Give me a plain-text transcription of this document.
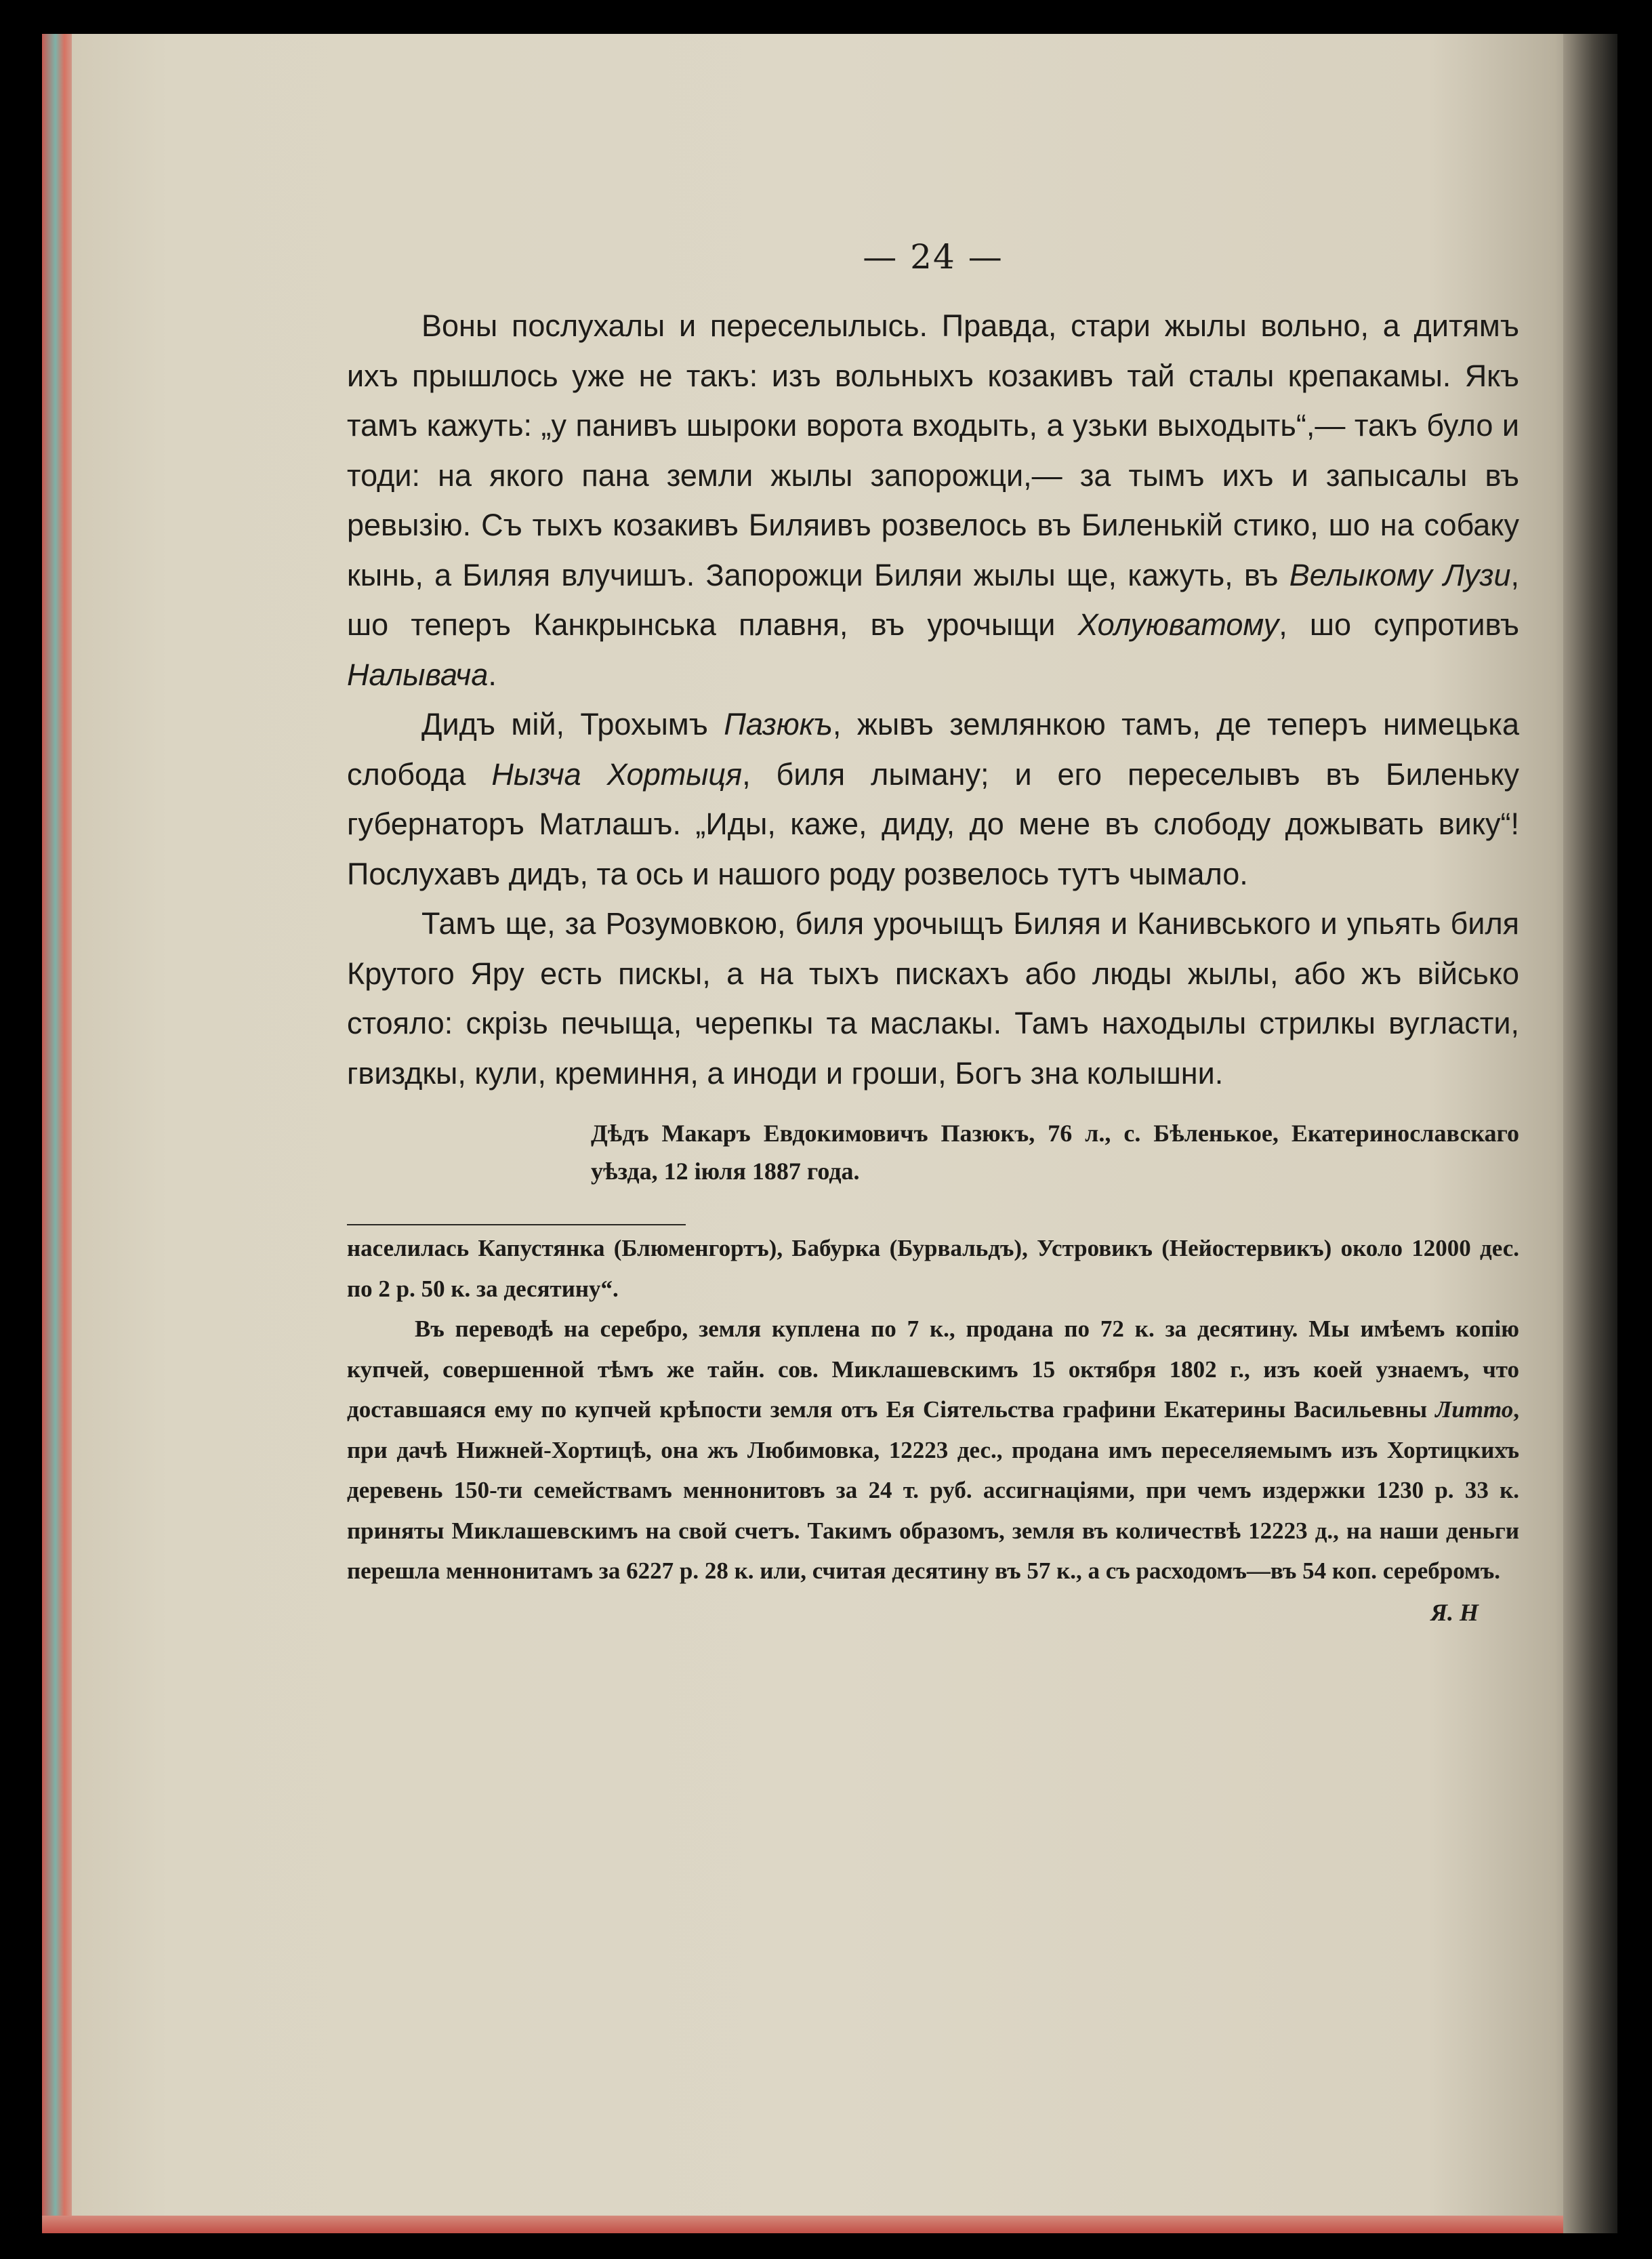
— 24 —

Воны послухалы и переселылысь. Правда, стари жылы вольно, а дитямъ ихъ прышлось уже не такъ: изъ вольныхъ козакивъ тай сталы крепакамы. Якъ тамъ кажуть: „у панивъ шыроки ворота входыть, а узьки выходыть“,— такъ було и тоди: на якого пана земли жылы запорожци,— за тымъ ихъ и запысалы въ ревызiю. Съ тыхъ козакивъ Биляивъ розвелось въ Биленькiй стико, шо на собаку кынь, а Биляя влучишъ. Запорожци Биляи жылы ще, кажуть, въ Велыкому Лузи, шо теперъ Канкрынська плавня, въ урочыщи Холуюватому, шо супротивъ Налывача.

Дидъ мiй, Трохымъ Пазюкъ, жывъ землянкою тамъ, де теперъ нимецька слобода Нызча Хортыця, биля лыману; и его переселывъ въ Биленьку губернаторъ Матлашъ. „Иды, каже, диду, до мене въ слободу дожывать вику“! Послухавъ дидъ, та ось и нашого роду розвелось тутъ чымало.

Тамъ ще, за Розумовкою, биля урочыщъ Биляя и Канивського и упьять биля Крутого Яру есть пискы, а на тыхъ пискахъ або люды жылы, або жъ вiйсько стояло: скрiзь печыща, черепкы та маслакы. Тамъ находылы стрилкы вугласти, гвиздкы, кули, креминня, а иноди и гроши, Богъ зна колышни.

Дѣдъ Макаръ Евдокимовичъ Пазюкъ, 76 л., с. Бѣленькое, Екатеринославскаго уѣзда, 12 iюля 1887 года.

населилась Капустянка (Блюменгортъ), Бабурка (Бурвальдъ), Устровикъ (Нейостервикъ) около 12000 дес. по 2 р. 50 к. за десятину“.

Въ переводѣ на серебро, земля куплена по 7 к., продана по 72 к. за десятину. Мы имѣемъ копiю купчей, совершенной тѣмъ же тайн. сов. Миклашевскимъ 15 октября 1802 г., изъ коей узнаемъ, что доставшаяся ему по купчей крѣпости земля отъ Ея Сiятельства графини Екатерины Васильевны Литто, при дачѣ Нижней-Хортицѣ, она жъ Любимовка, 12223 дес., продана имъ переселяемымъ изъ Хортицкихъ деревень 150-ти семействамъ меннонитовъ за 24 т. руб. ассигнацiями, при чемъ издержки 1230 р. 33 к. приняты Миклашевскимъ на свой счетъ. Такимъ образомъ, земля въ количествѣ 12223 д., на наши деньги перешла меннонитамъ за 6227 р. 28 к. или, считая десятину въ 57 к., а съ расходомъ—въ 54 коп. серебромъ.

Я. Н
